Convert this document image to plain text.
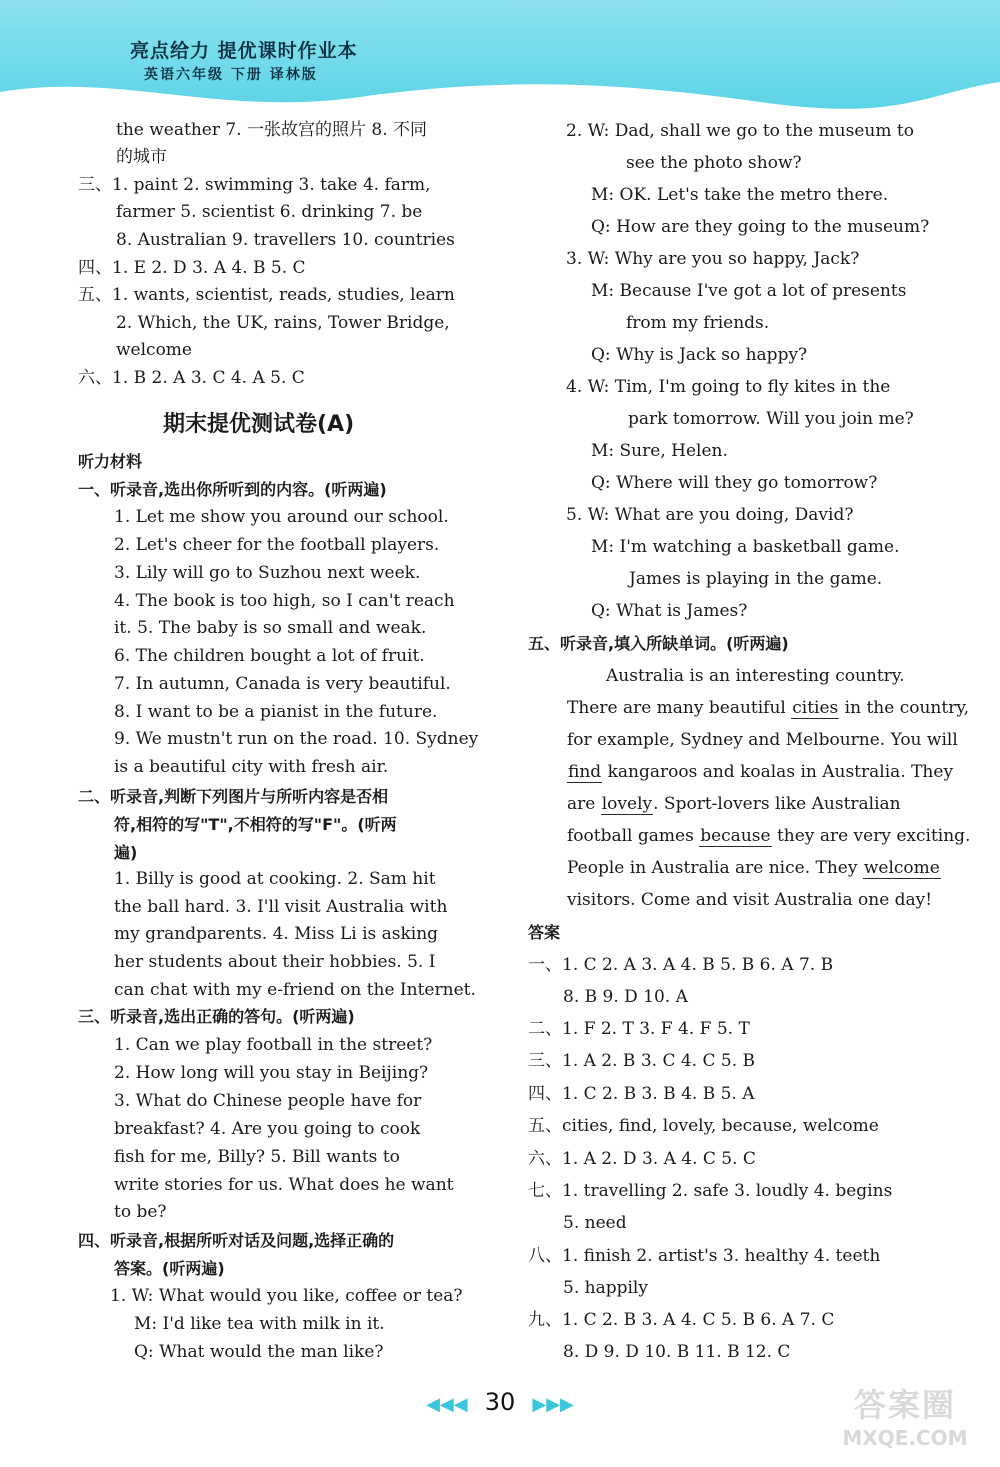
亮点给力 提优课时作业本
英语六年级 下册 译林版
the weather 7. 一张故宫的照片 8. 不同
的城市
三、1. paint 2. swimming 3. take 4. farm,
farmer 5. scientist 6. drinking 7. be
8. Australian 9. travellers 10. countries
四、1. E 2. D 3. A 4. B 5. C
五、1. wants, scientist, reads, studies, learn
2. Which, the UK, rains, Tower Bridge,
welcome
六、1. B 2. A 3. C 4. A 5. C
期末提优测试卷(A)
听力材料
一、听录音,选出你所听到的内容。(听两遍)
1. Let me show you around our school.
2. Let's cheer for the football players.
3. Lily will go to Suzhou next week.
4. The book is too high, so I can't reach
it. 5. The baby is so small and weak.
6. The children bought a lot of fruit.
7. In autumn, Canada is very beautiful.
8. I want to be a pianist in the future.
9. We mustn't run on the road. 10. Sydney
is a beautiful city with fresh air.
二、听录音,判断下列图片与所听内容是否相
符,相符的写"T",不相符的写"F"。(听两
遍)
1. Billy is good at cooking. 2. Sam hit
the ball hard. 3. I'll visit Australia with
my grandparents. 4. Miss Li is asking
her students about their hobbies. 5. I
can chat with my e-friend on the Internet.
三、听录音,选出正确的答句。(听两遍)
1. Can we play football in the street?
2. How long will you stay in Beijing?
3. What do Chinese people have for
breakfast? 4. Are you going to cook
fish for me, Billy? 5. Bill wants to
write stories for us. What does he want
to be?
四、听录音,根据所听对话及问题,选择正确的
答案。(听两遍)
1. W: What would you like, coffee or tea?
M: I'd like tea with milk in it.
Q: What would the man like?
2. W: Dad, shall we go to the museum to
see the photo show?
M: OK. Let's take the metro there.
Q: How are they going to the museum?
3. W: Why are you so happy, Jack?
M: Because I've got a lot of presents
from my friends.
Q: Why is Jack so happy?
4. W: Tim, I'm going to fly kites in the
park tomorrow. Will you join me?
M: Sure, Helen.
Q: Where will they go tomorrow?
5. W: What are you doing, David?
M: I'm watching a basketball game.
James is playing in the game.
Q: What is James?
五、听录音,填入所缺单词。(听两遍)
Australia is an interesting country.
There are many beautiful cities in the country,
for example, Sydney and Melbourne. You will
find kangaroos and koalas in Australia. They
are lovely. Sport-lovers like Australian
football games because they are very exciting.
People in Australia are nice. They welcome
visitors. Come and visit Australia one day!
答案
一、1. C 2. A 3. A 4. B 5. B 6. A 7. B
8. B 9. D 10. A
二、1. F 2. T 3. F 4. F 5. T
三、1. A 2. B 3. C 4. C 5. B
四、1. C 2. B 3. B 4. B 5. A
五、cities, find, lovely, because, welcome
六、1. A 2. D 3. A 4. C 5. C
七、1. travelling 2. safe 3. loudly 4. begins
5. need
八、1. finish 2. artist's 3. healthy 4. teeth
5. happily
九、1. C 2. B 3. A 4. C 5. B 6. A 7. C
8. D 9. D 10. B 11. B 12. C
◀◀◀ 30 ▶▶▶	答案圈
MXQE.COM
